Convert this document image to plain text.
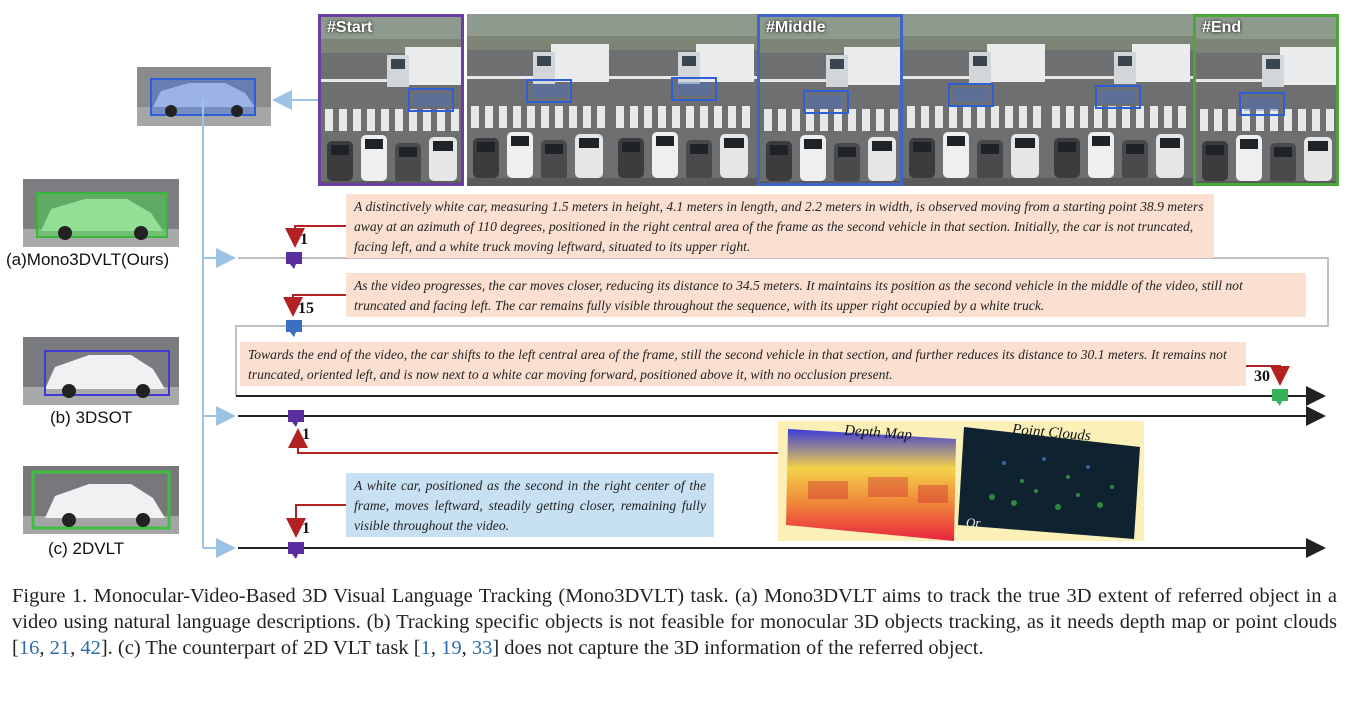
#Start	#Middle	#End
(a)Mono3DVLT(Ours)
(b) 3DSOT
(c) 2DVLT
1
15
30
1
1
A distinctively white car, measuring 1.5 meters in height, 4.1 meters in length, and 2.2 meters in width, is observed moving from a starting point 38.9 meters away at an azimuth of 110 degrees, positioned in the right central area of the frame as the second vehicle in that section. Initially, the car is not truncated, facing left, and a white truck moving leftward, situated to its upper right.
As the video progresses, the car moves closer, reducing its distance to 34.5 meters. It maintains its position as the second vehicle in the middle of the video, still not truncated and facing left. The car remains fully visible throughout the sequence, with its upper right occupied by a white truck.
Towards the end of the video, the car shifts to the left central area of the frame, still the second vehicle in that section, and further reduces its distance to 30.1 meters. It remains not truncated, oriented left, and is now next to a white car moving forward, positioned above it, with no occlusion present.
A white car, positioned as the second in the right center of the frame, moves leftward, steadily getting closer, remaining fully visible throughout the video.
Depth Map	Point Clouds
Or
Figure 1. Monocular-Video-Based 3D Visual Language Tracking (Mono3DVLT) task. (a) Mono3DVLT aims to track the true 3D extent of referred object in a video using natural language descriptions. (b) Tracking specific objects is not feasible for monocular 3D objects tracking, as it needs depth map or point clouds [16, 21, 42]. (c) The counterpart of 2D VLT task [1, 19, 33] does not capture the 3D information of the referred object.
